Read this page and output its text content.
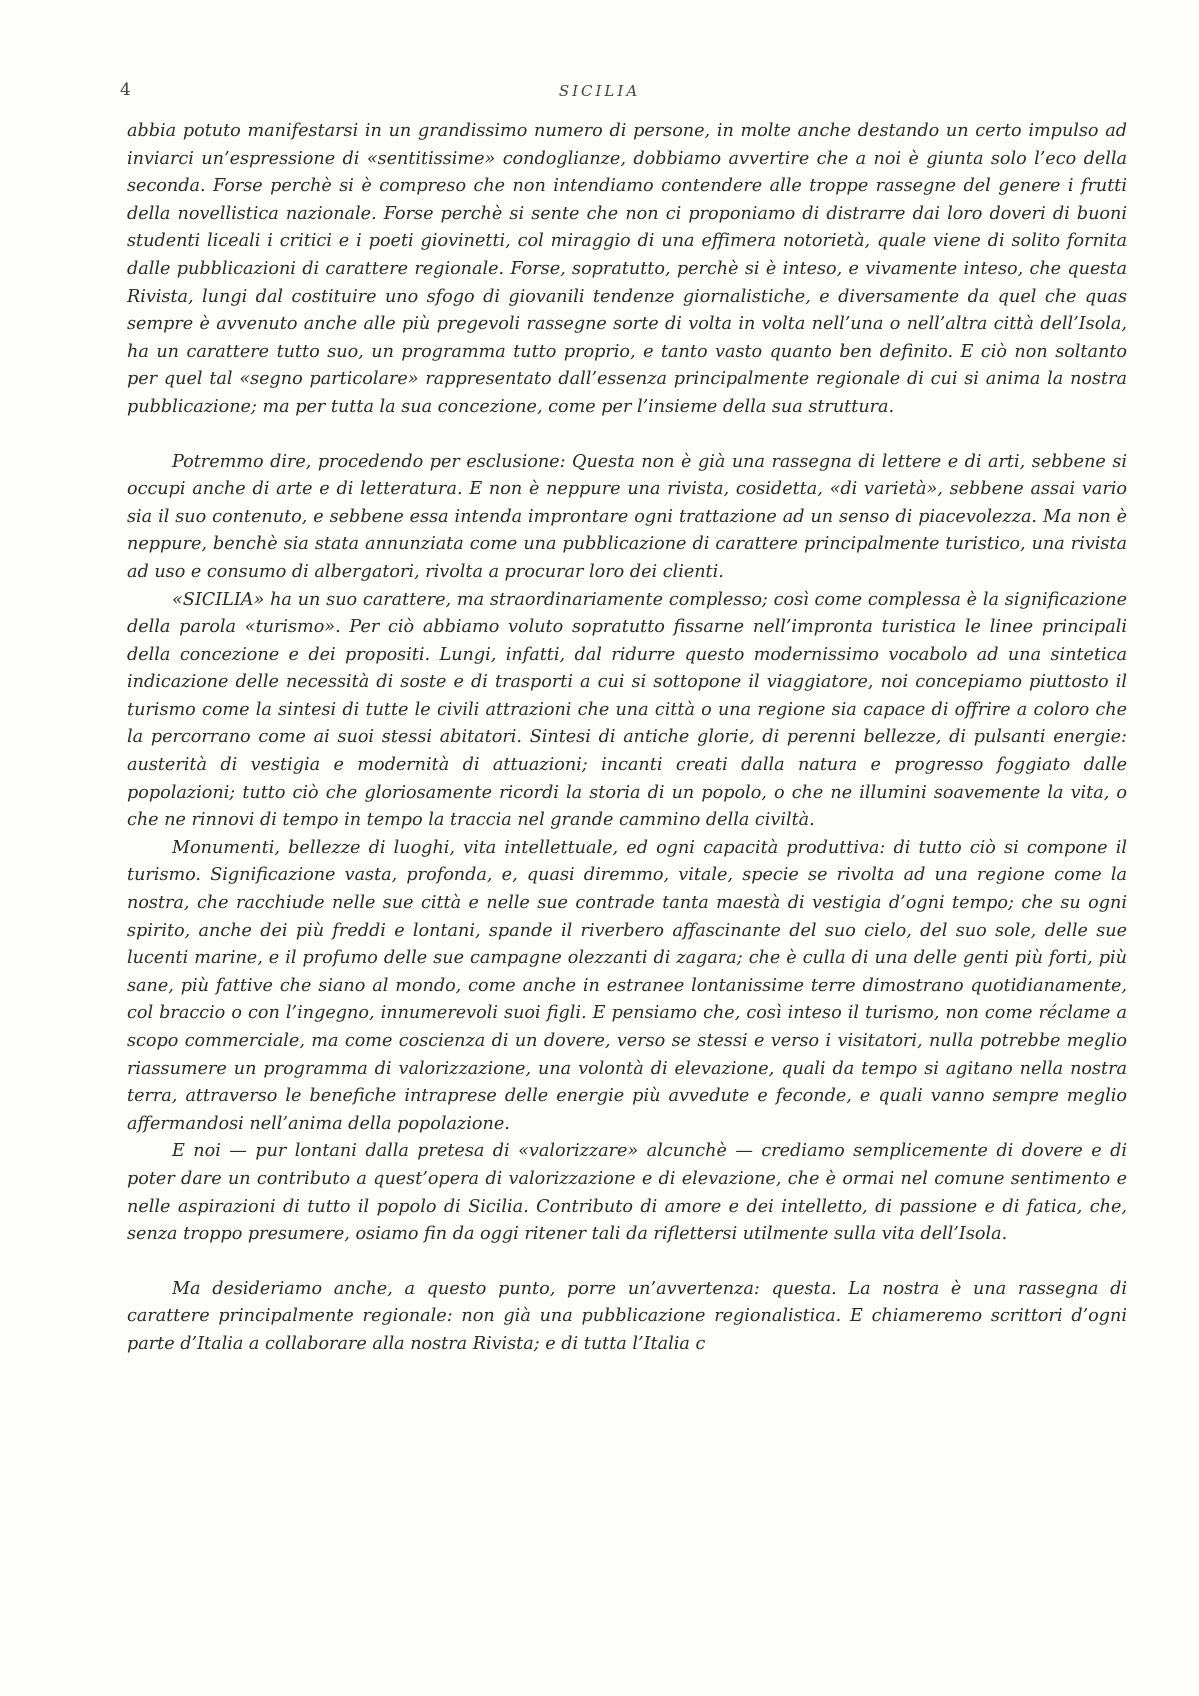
4	SICILIA

abbia potuto manifestarsi in un grandissimo numero di persone, in molte anche destando un certo impulso ad inviarci un’espressione di «sentitissime» condoglianze, dobbiamo avvertire che a noi è giunta solo l’eco della seconda. Forse perchè si è compreso che non intendiamo contendere alle troppe rassegne del genere i frutti della novellistica nazionale. Forse perchè si sente che non ci proponiamo di distrarre dai loro doveri di buoni studenti liceali i critici e i poeti giovinetti, col miraggio di una effimera notorietà, quale viene di solito fornita dalle pubblicazioni di carattere regionale. Forse, sopratutto, perchè si è inteso, e vivamente inteso, che questa Rivista, lungi dal costituire uno sfogo di giovanili tendenze giornalistiche, e diversamente da quel che quas sempre è avvenuto anche alle più pregevoli rassegne sorte di volta in volta nell’una o nell’altra città dell’Isola, ha un carattere tutto suo, un programma tutto proprio, e tanto vasto quanto ben definito. E ciò non soltanto per quel tal «segno particolare» rappresentato dall’essenza principalmente regionale di cui si anima la nostra pubblicazione; ma per tutta la sua concezione, come per l’insieme della sua struttura.

Potremmo dire, procedendo per esclusione: Questa non è già una rassegna di lettere e di arti, sebbene si occupi anche di arte e di letteratura. E non è neppure una rivista, cosidetta, «di varietà», sebbene assai vario sia il suo contenuto, e sebbene essa intenda improntare ogni trattazione ad un senso di piacevolezza. Ma non è neppure, benchè sia stata annunziata come una pubblicazione di carattere principalmente turistico, una rivista ad uso e consumo di albergatori, rivolta a procurar loro dei clienti.

«SICILIA» ha un suo carattere, ma straordinariamente complesso; così come complessa è la significazione della parola «turismo». Per ciò abbiamo voluto sopratutto fissarne nell’impronta turistica le linee principali della concezione e dei propositi. Lungi, infatti, dal ridurre questo modernissimo vocabolo ad una sintetica indicazione delle necessità di soste e di trasporti a cui si sottopone il viaggiatore, noi concepiamo piuttosto il turismo come la sintesi di tutte le civili attrazioni che una città o una regione sia capace di offrire a coloro che la percorrano come ai suoi stessi abitatori. Sintesi di antiche glorie, di perenni bellezze, di pulsanti energie: austerità di vestigia e modernità di attuazioni; incanti creati dalla natura e progresso foggiato dalle popolazioni; tutto ciò che gloriosamente ricordi la storia di un popolo, o che ne illumini soavemente la vita, o che ne rinnovi di tempo in tempo la traccia nel grande cammino della civiltà.

Monumenti, bellezze di luoghi, vita intellettuale, ed ogni capacità produttiva: di tutto ciò si compone il turismo. Significazione vasta, profonda, e, quasi diremmo, vitale, specie se rivolta ad una regione come la nostra, che racchiude nelle sue città e nelle sue contrade tanta maestà di vestigia d’ogni tempo; che su ogni spirito, anche dei più freddi e lontani, spande il riverbero affascinante del suo cielo, del suo sole, delle sue lucenti marine, e il profumo delle sue campagne olezzanti di zagara; che è culla di una delle genti più forti, più sane, più fattive che siano al mondo, come anche in estranee lontanissime terre dimostrano quotidianamente, col braccio o con l’ingegno, innumerevoli suoi figli. E pensiamo che, così inteso il turismo, non come réclame a scopo commerciale, ma come coscienza di un dovere, verso se stessi e verso i visitatori, nulla potrebbe meglio riassumere un programma di valorizzazione, una volontà di elevazione, quali da tempo si agitano nella nostra terra, attraverso le benefiche intraprese delle energie più avvedute e feconde, e quali vanno sempre meglio affermandosi nell’anima della popolazione.

E noi — pur lontani dalla pretesa di «valorizzare» alcunchè — crediamo semplicemente di dovere e di poter dare un contributo a quest’opera di valorizzazione e di elevazione, che è ormai nel comune sentimento e nelle aspirazioni di tutto il popolo di Sicilia. Contributo di amore e dei intelletto, di passione e di fatica, che, senza troppo presumere, osiamo fin da oggi ritener tali da riflettersi utilmente sulla vita dell’Isola.

Ma desideriamo anche, a questo punto, porre un’avvertenza: questa. La nostra è una rassegna di carattere principalmente regionale: non già una pubblicazione regionalistica. E chiameremo scrittori d’ogni parte d’Italia a collaborare alla nostra Rivista; e di tutta l’Italia c
